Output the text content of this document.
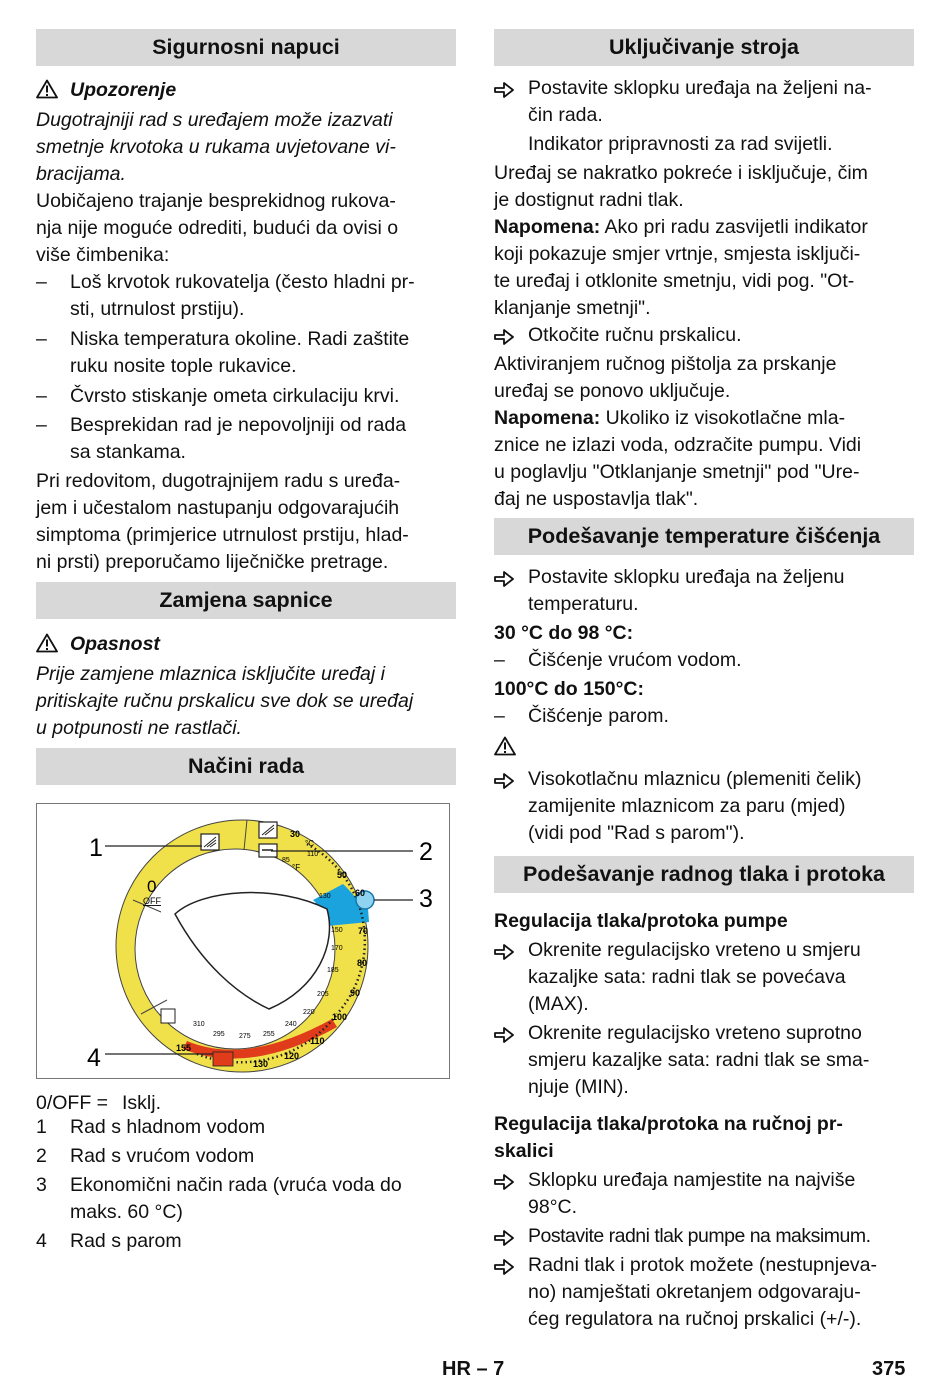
Sigurnosni napuci
Upozorenje
Dugotrajniji rad s uređajem može izazvati
smetnje krvotoka u rukama uvjetovane vi-
bracijama.
Uobičajeno trajanje besprekidnog rukova-
nja nije moguće odrediti, budući da ovisi o
više čimbenika:
– Loš krvotok rukovatelja (često hladni pr-
sti, utrnulost prstiju).
– Niska temperatura okoline. Radi zaštite
ruku nosite tople rukavice.
– Čvrsto stiskanje ometa cirkulaciju krvi.
– Besprekidan rad je nepovoljniji od rada
sa stankama.
Pri redovitom, dugotrajnijem radu s uređa-
jem i učestalom nastupanju odgovarajućih
simptoma (primjerice utrnulost prstiju, hlad-
ni prsti) preporučamo liječničke pretrage.
Zamjena sapnice
Opasnost
Prije zamjene mlaznica isključite uređaj i
pritiskajte ručnu prskalicu sve dok se uređaj
u potpunosti ne rastlači.
Načini rada
0/OFF = Isklj.
1 Rad s hladnom vodom
2 Rad s vrućom vodom
3 Ekonomični način rada (vruća voda do
maks. 60 °C)
4 Rad s parom
1	2
3
4
0
OFF
°C
°F
30
50
60
70
80
90
100
110
120
130
85
110
130
150
170
185
205
220
240
255
275
295
310
155
Uključivanje stroja
Postavite sklopku uređaja na željeni na-
čin rada.
Indikator pripravnosti za rad svijetli.
Uređaj se nakratko pokreće i isključuje, čim
je dostignut radni tlak.
Napomena: Ako pri radu zasvijetli indikator
koji pokazuje smjer vrtnje, smjesta isključi-
te uređaj i otklonite smetnju, vidi pog. "Ot-
klanjanje smetnji".
Otkočite ručnu prskalicu.
Aktiviranjem ručnog pištolja za prskanje
uređaj se ponovo uključuje.
Napomena: Ukoliko iz visokotlačne mla-
znice ne izlazi voda, odzračite pumpu. Vidi
u poglavlju "Otklanjanje smetnji" pod "Ure-
đaj ne uspostavlja tlak".
Podešavanje temperature čišćenja
Postavite sklopku uređaja na željenu
temperaturu.
30 °C do 98 °C:
– Čišćenje vrućom vodom.
100°C do 150°C:
– Čišćenje parom.
Visokotlačnu mlaznicu (plemeniti čelik)
zamijenite mlaznicom za paru (mjed)
(vidi pod "Rad s parom").
Podešavanje radnog tlaka i protoka
Regulacija tlaka/protoka pumpe
Okrenite regulacijsko vreteno u smjeru
kazaljke sata: radni tlak se povećava
(MAX).
Okrenite regulacijsko vreteno suprotno
smjeru kazaljke sata: radni tlak se sma-
njuje (MIN).
Regulacija tlaka/protoka na ručnoj pr-
skalici
Sklopku uređaja namjestite na najviše
98°C.
Postavite radni tlak pumpe na maksimum.
Radni tlak i protok možete (nestupnjeva-
no) namještati okretanjem odgovaraju-
ćeg regulatora na ručnoj prskalici (+/-).
HR – 7	375
